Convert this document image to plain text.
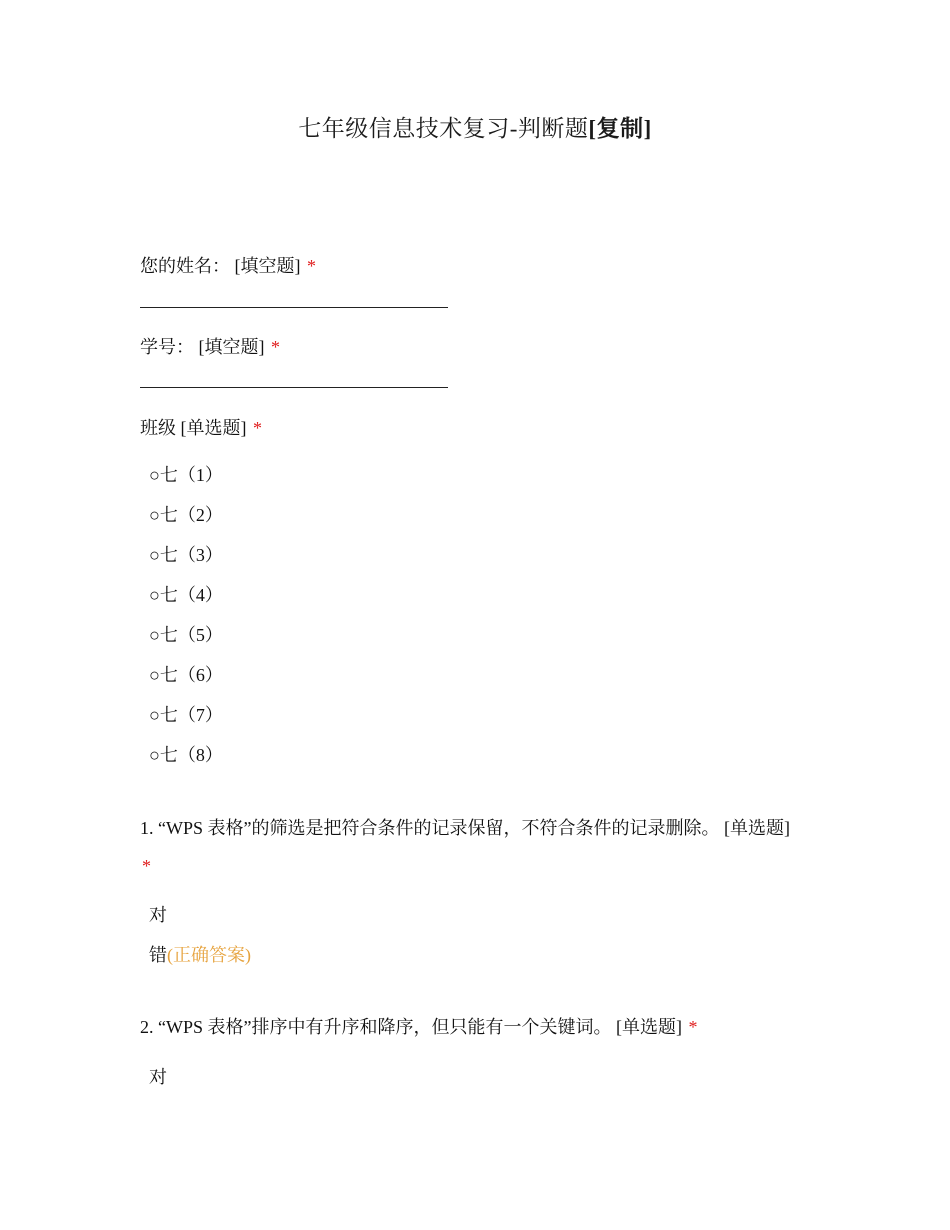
七年级信息技术复习-判断题[复制]
您的姓名： [填空题] *
学号： [填空题] *
班级 [单选题] *
○七（1）
○七（2）
○七（3）
○七（4）
○七（5）
○七（6）
○七（7）
○七（8）
1. “WPS 表格”的筛选是把符合条件的记录保留，不符合条件的记录删除。 [单选题] *
对
错(正确答案)
2. “WPS 表格”排序中有升序和降序，但只能有一个关键词。 [单选题] *
对
